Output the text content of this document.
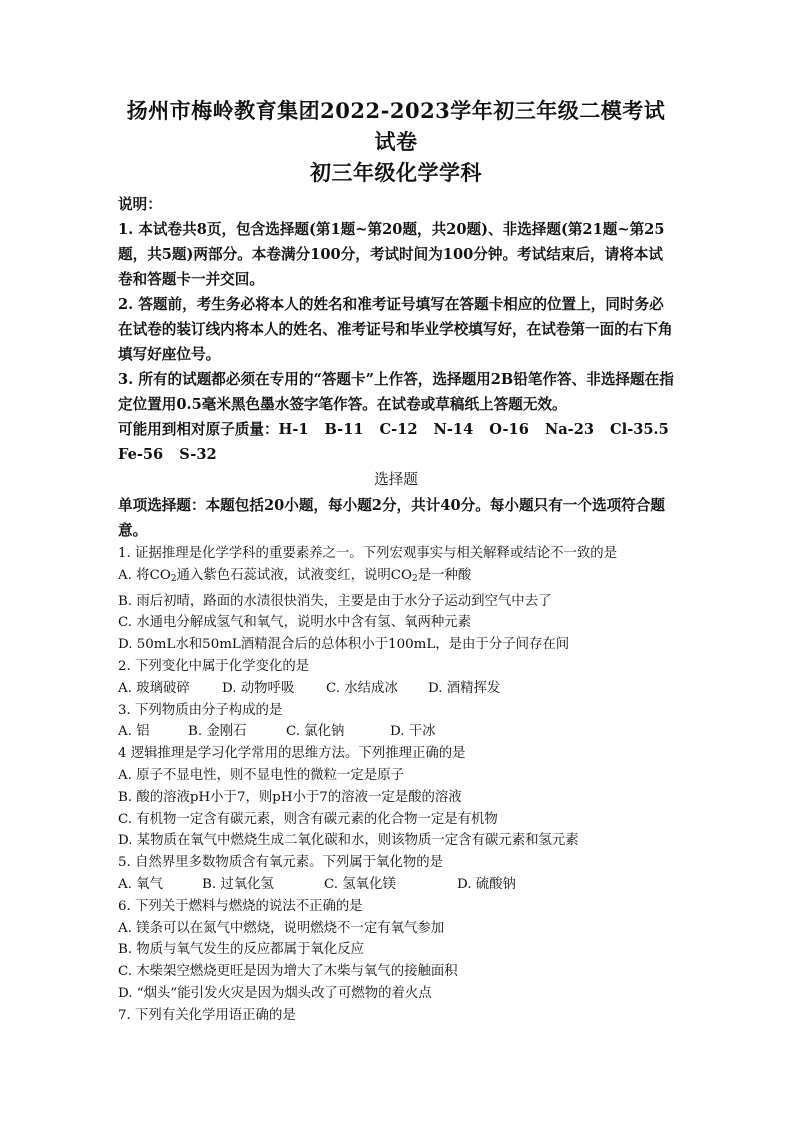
扬州市梅岭教育集团2022-2023学年初三年级二模考试试卷

初三年级化学学科

说明：

1. 本试卷共8页，包含选择题(第1题~第20题，共20题)、非选择题(第21题~第25题，共5题)两部分。本卷满分100分，考试时间为100分钟。考试结束后，请将本试卷和答题卡一并交回。

2. 答题前，考生务必将本人的姓名和准考证号填写在答题卡相应的位置上，同时务必在试卷的装订线内将本人的姓名、准考证号和毕业学校填写好，在试卷第一面的右下角填写好座位号。

3. 所有的试题都必须在专用的“答题卡”上作答，选择题用2B铅笔作答、非选择题在指定位置用0.5毫米黑色墨水签字笔作答。在试卷或草稿纸上答题无效。

可能用到相对原子质量：H-1 B-11 C-12 N-14 O-16 Na-23 Cl-35.5

Fe-56 S-32

选择题

单项选择题：本题包括20小题，每小题2分，共计40分。每小题只有一个选项符合题意。

1. 证据推理是化学学科的重要素养之一。下列宏观事实与相关解释或结论不一致的是

A. 将$CO_2$通入紫色石蕊试液，试液变红，说明$CO_2$是一种酸

B. 雨后初晴，路面的水渍很快消失，主要是由于水分子运动到空气中去了

C. 水通电分解成氢气和氧气，说明水中含有氢、氧两种元素

D. 50mL水和50mL酒精混合后的总体积小于100mL，是由于分子间存在间

2. 下列变化中属于化学变化的是

A. 玻璃破碎	D. 动物呼吸	C. 水结成冰	D. 酒精挥发

3. 下列物质由分子构成的是

A. 铝	B. 金刚石	C. 氯化钠	D. 干冰

4 逻辑推理是学习化学常用的思维方法。下列推理正确的是

A. 原子不显电性，则不显电性的微粒一定是原子

B. 酸的溶液pH小于7，则pH小于7的溶液一定是酸的溶液

C. 有机物一定含有碳元素，则含有碳元素的化合物一定是有机物

D. 某物质在氧气中燃烧生成二氧化碳和水，则该物质一定含有碳元素和氢元素

5. 自然界里多数物质含有氧元素。下列属于氧化物的是

A. 氧气	B. 过氧化氢	C. 氢氧化镁	D. 硫酸钠

6. 下列关于燃料与燃烧的说法不正确的是

A. 镁条可以在氮气中燃烧，说明燃烧不一定有氧气参加

B. 物质与氧气发生的反应都属于氧化反应

C. 木柴架空燃烧更旺是因为增大了木柴与氧气的接触面积

D. “烟头”能引发火灾是因为烟头改了可燃物的着火点

7. 下列有关化学用语正确的是
